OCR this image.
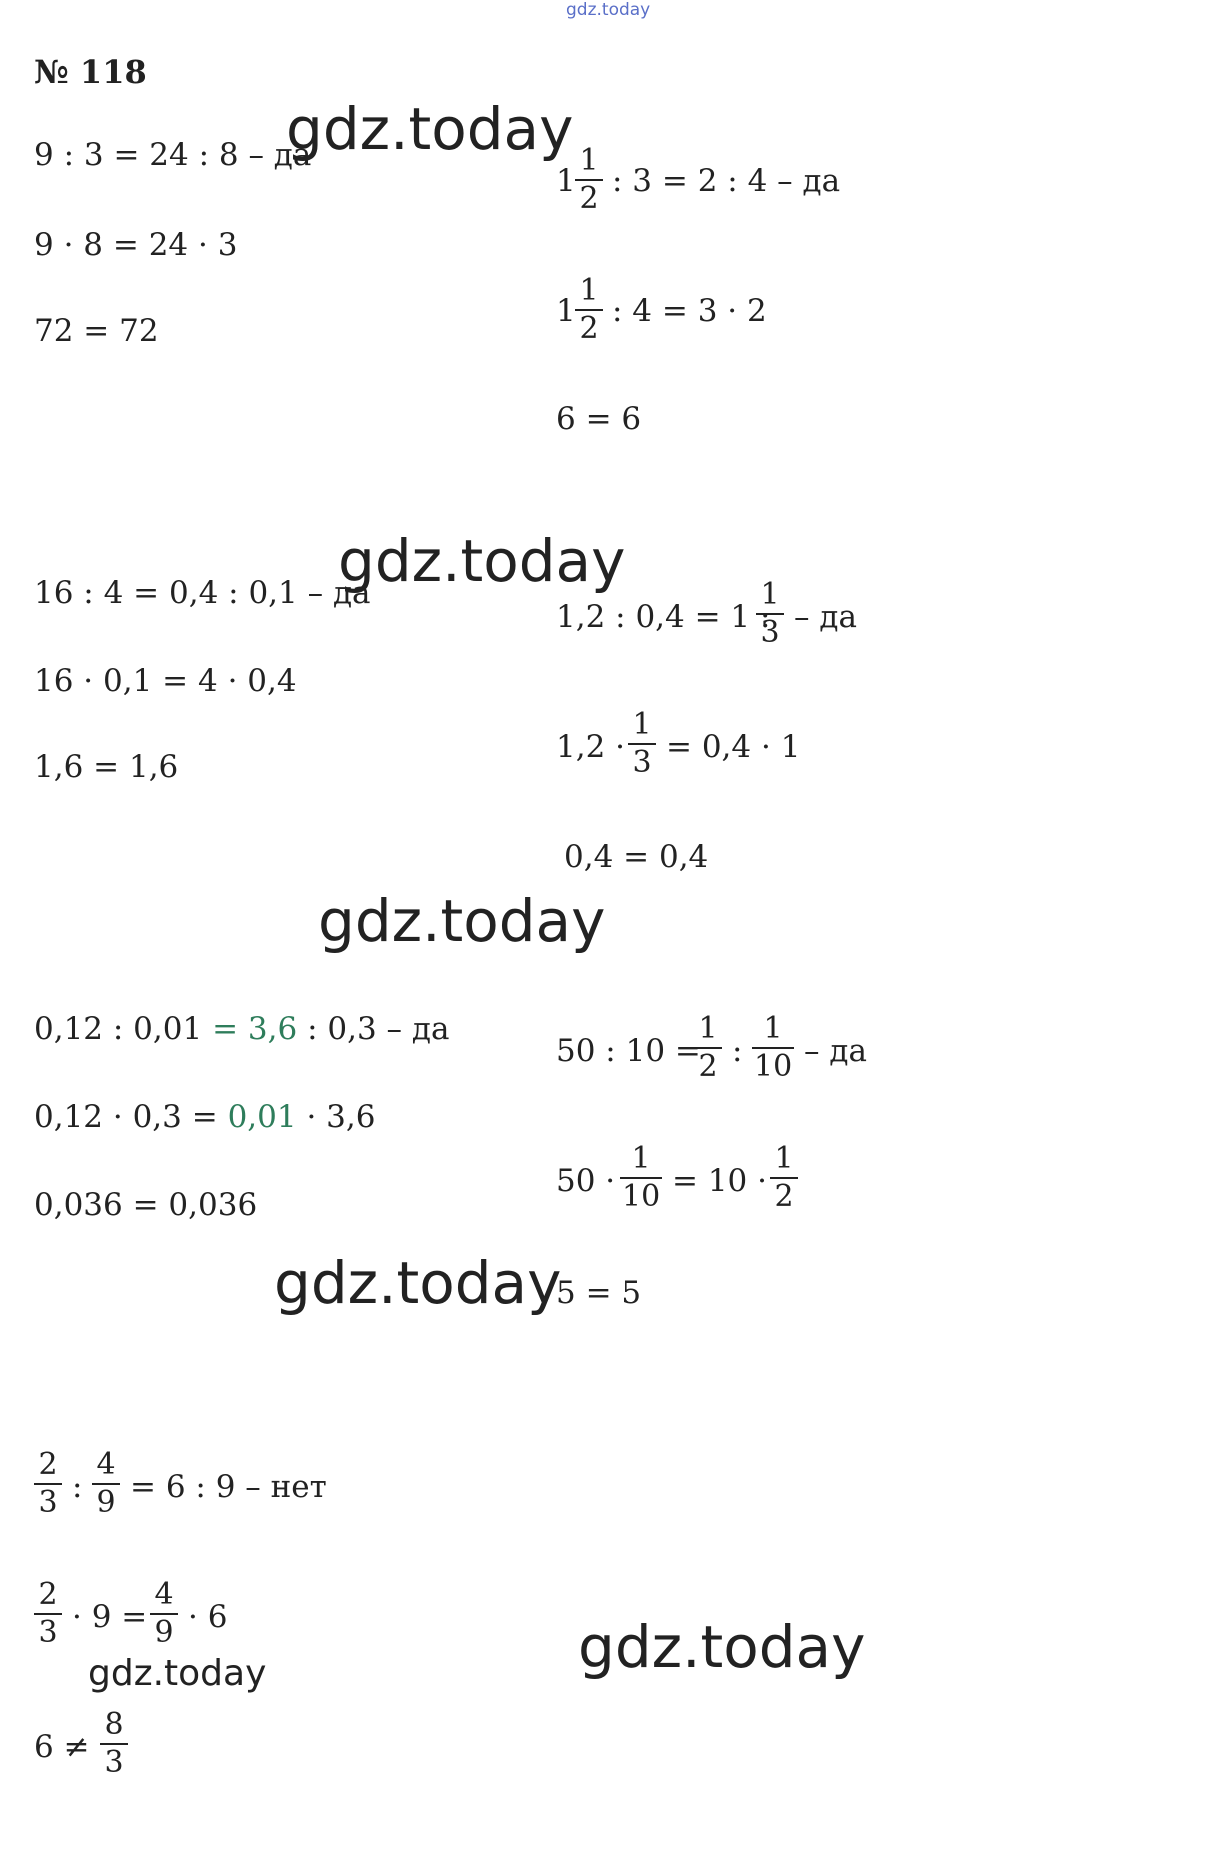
gdz.today
№ 118
9 : 3 = 24 : 8 – да
9 · 8 = 24 · 3
72 = 72
1
1
2 : 3 = 2 : 4 – да
1
1
2 : 4 = 3 · 2
6 = 6
16 : 4 = 0,4 : 0,1 – да
16 · 0,1 = 4 · 0,4
1,6 = 1,6
1,2 : 0,4 = 1 :
1
3 – да
1,2 ·
1
3 = 0,4 · 1
0,4 = 0,4
0,12 : 0,01 = 3,6 : 0,3 – да
0,12 · 0,3 = 0,01 · 3,6
0,036 = 0,036
50 : 10 =
1
2 :
1
10 – да
50 ·
1
10 = 10 ·
1
2
5 = 5
2
3 :
4
9 = 6 : 9 – нет
2
3 · 9 =
4
9 · 6
6 ≠
8
3
gdz.today
gdz.today
gdz.today
gdz.today
gdz.today
gdz.today
